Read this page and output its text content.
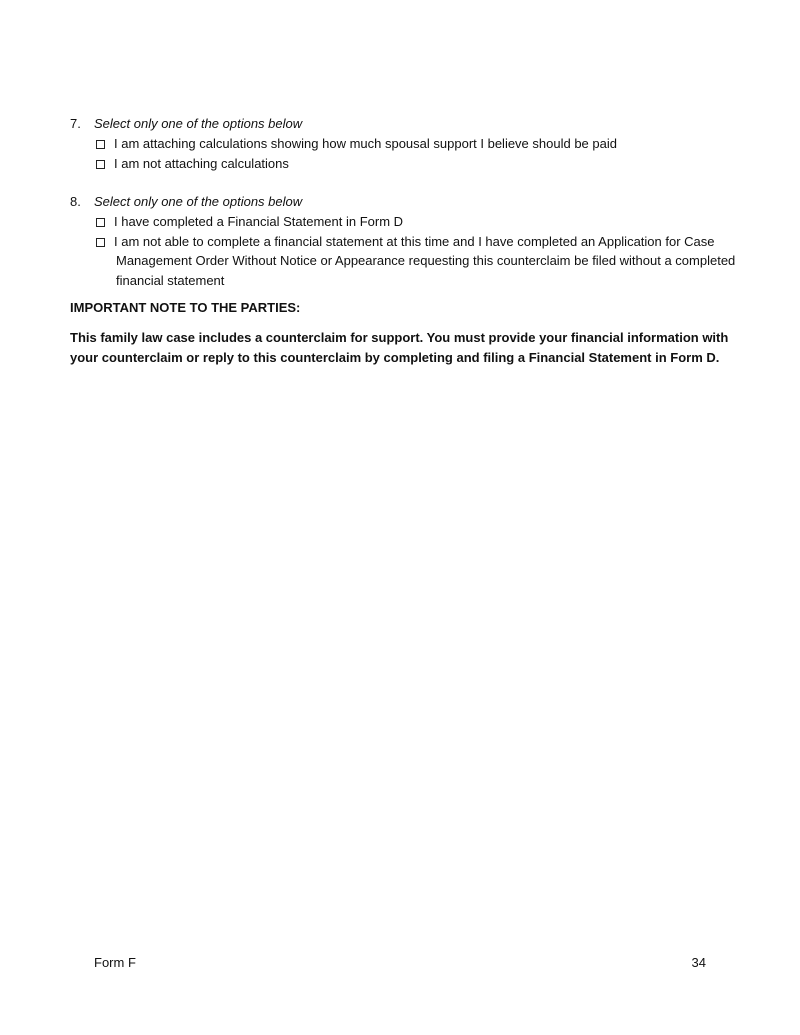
7.	Select only one of the options below
I am attaching calculations showing how much spousal support I believe should be paid
I am not attaching calculations
8.	Select only one of the options below
I have completed a Financial Statement in Form D
I am not able to complete a financial statement at this time and I have completed an Application for Case Management Order Without Notice or Appearance requesting this counterclaim be filed without a completed financial statement
IMPORTANT NOTE TO THE PARTIES:
This family law case includes a counterclaim for support. You must provide your financial information with your counterclaim or reply to this counterclaim by completing and filing a Financial Statement in Form D.
Form F	34
